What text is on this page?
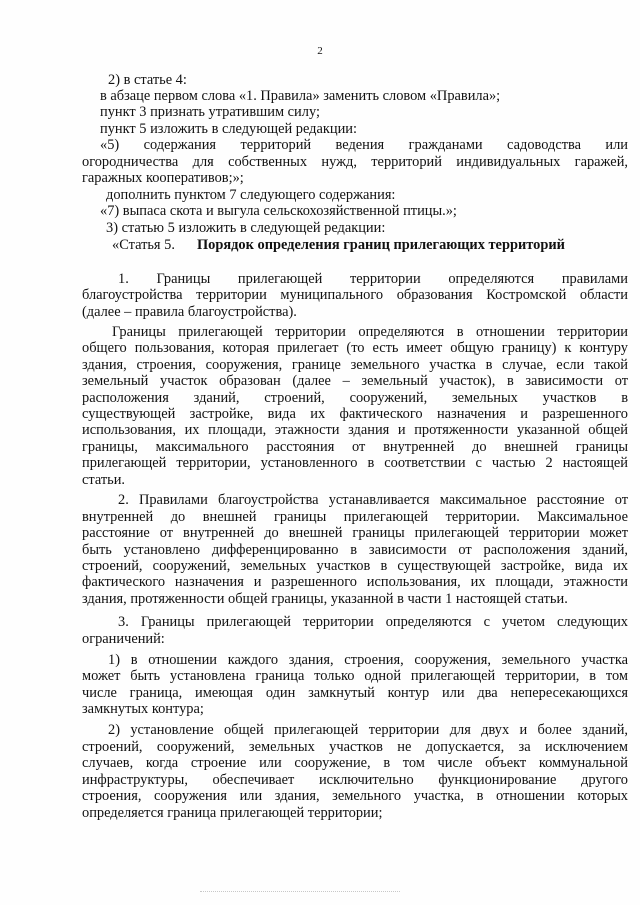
2
2) в статье 4:
в абзаце первом слова «1. Правила» заменить словом «Правила»;
пункт 3 признать утратившим силу;
пункт 5 изложить в следующей редакции:
«5) содержания территорий ведения гражданами садоводства или
огородничества для собственных нужд, территорий индивидуальных гаражей,
гаражных кооперативов;»;
дополнить пунктом 7 следующего содержания:
«7) выпаса скота и выгула сельскохозяйственной птицы.»;
3) статью 5 изложить в следующей редакции:
«Статья 5. Порядок определения границ прилегающих территорий
1. Границы прилегающей территории определяются правилами
благоустройства территории муниципального образования Костромской области
(далее – правила благоустройства).
Границы прилегающей территории определяются в отношении территории
общего пользования, которая прилегает (то есть имеет общую границу) к контуру
здания, строения, сооружения, границе земельного участка в случае, если такой
земельный участок образован (далее – земельный участок), в зависимости от
расположения зданий, строений, сооружений, земельных участков в
существующей застройке, вида их фактического назначения и разрешенного
использования, их площади, этажности здания и протяженности указанной общей
границы, максимального расстояния от внутренней до внешней границы
прилегающей территории, установленного в соответствии с частью 2 настоящей
статьи.
2. Правилами благоустройства устанавливается максимальное расстояние от
внутренней до внешней границы прилегающей территории. Максимальное
расстояние от внутренней до внешней границы прилегающей территории может
быть установлено дифференцированно в зависимости от расположения зданий,
строений, сооружений, земельных участков в существующей застройке, вида их
фактического назначения и разрешенного использования, их площади, этажности
здания, протяженности общей границы, указанной в части 1 настоящей статьи.
3. Границы прилегающей территории определяются с учетом следующих
ограничений:
1) в отношении каждого здания, строения, сооружения, земельного участка
может быть установлена граница только одной прилегающей территории, в том
числе граница, имеющая один замкнутый контур или два непересекающихся
замкнутых контура;
2) установление общей прилегающей территории для двух и более зданий,
строений, сооружений, земельных участков не допускается, за исключением
случаев, когда строение или сооружение, в том числе объект коммунальной
инфраструктуры, обеспечивает исключительно функционирование другого
строения, сооружения или здания, земельного участка, в отношении которых
определяется граница прилегающей территории;
